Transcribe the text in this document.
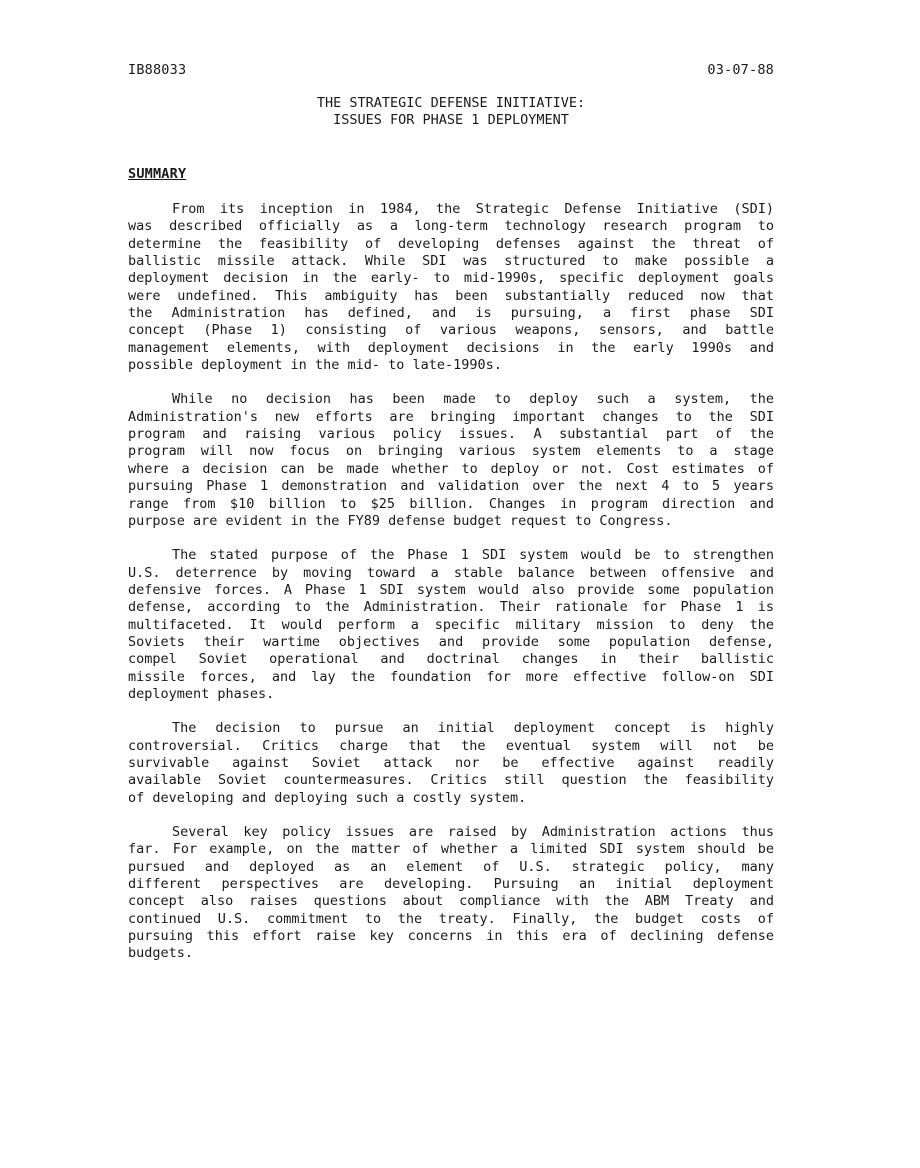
IB88033	03-07-88
THE STRATEGIC DEFENSE INITIATIVE:
ISSUES FOR PHASE 1 DEPLOYMENT
SUMMARY
From its inception in 1984, the Strategic Defense Initiative (SDI)
was described officially as a long-term technology research program to
determine the feasibility of developing defenses against the threat of
ballistic missile attack. While SDI was structured to make possible a
deployment decision in the early- to mid-1990s, specific deployment goals
were undefined. This ambiguity has been substantially reduced now that
the Administration has defined, and is pursuing, a first phase SDI
concept (Phase 1) consisting of various weapons, sensors, and battle
management elements, with deployment decisions in the early 1990s and
possible deployment in the mid- to late-1990s.
While no decision has been made to deploy such a system, the
Administration's new efforts are bringing important changes to the SDI
program and raising various policy issues. A substantial part of the
program will now focus on bringing various system elements to a stage
where a decision can be made whether to deploy or not. Cost estimates of
pursuing Phase 1 demonstration and validation over the next 4 to 5 years
range from $10 billion to $25 billion. Changes in program direction and
purpose are evident in the FY89 defense budget request to Congress.
The stated purpose of the Phase 1 SDI system would be to strengthen
U.S. deterrence by moving toward a stable balance between offensive and
defensive forces. A Phase 1 SDI system would also provide some population
defense, according to the Administration. Their rationale for Phase 1 is
multifaceted. It would perform a specific military mission to deny the
Soviets their wartime objectives and provide some population defense,
compel Soviet operational and doctrinal changes in their ballistic
missile forces, and lay the foundation for more effective follow-on SDI
deployment phases.
The decision to pursue an initial deployment concept is highly
controversial. Critics charge that the eventual system will not be
survivable against Soviet attack nor be effective against readily
available Soviet countermeasures. Critics still question the feasibility
of developing and deploying such a costly system.
Several key policy issues are raised by Administration actions thus
far. For example, on the matter of whether a limited SDI system should be
pursued and deployed as an element of U.S. strategic policy, many
different perspectives are developing. Pursuing an initial deployment
concept also raises questions about compliance with the ABM Treaty and
continued U.S. commitment to the treaty. Finally, the budget costs of
pursuing this effort raise key concerns in this era of declining defense
budgets.
